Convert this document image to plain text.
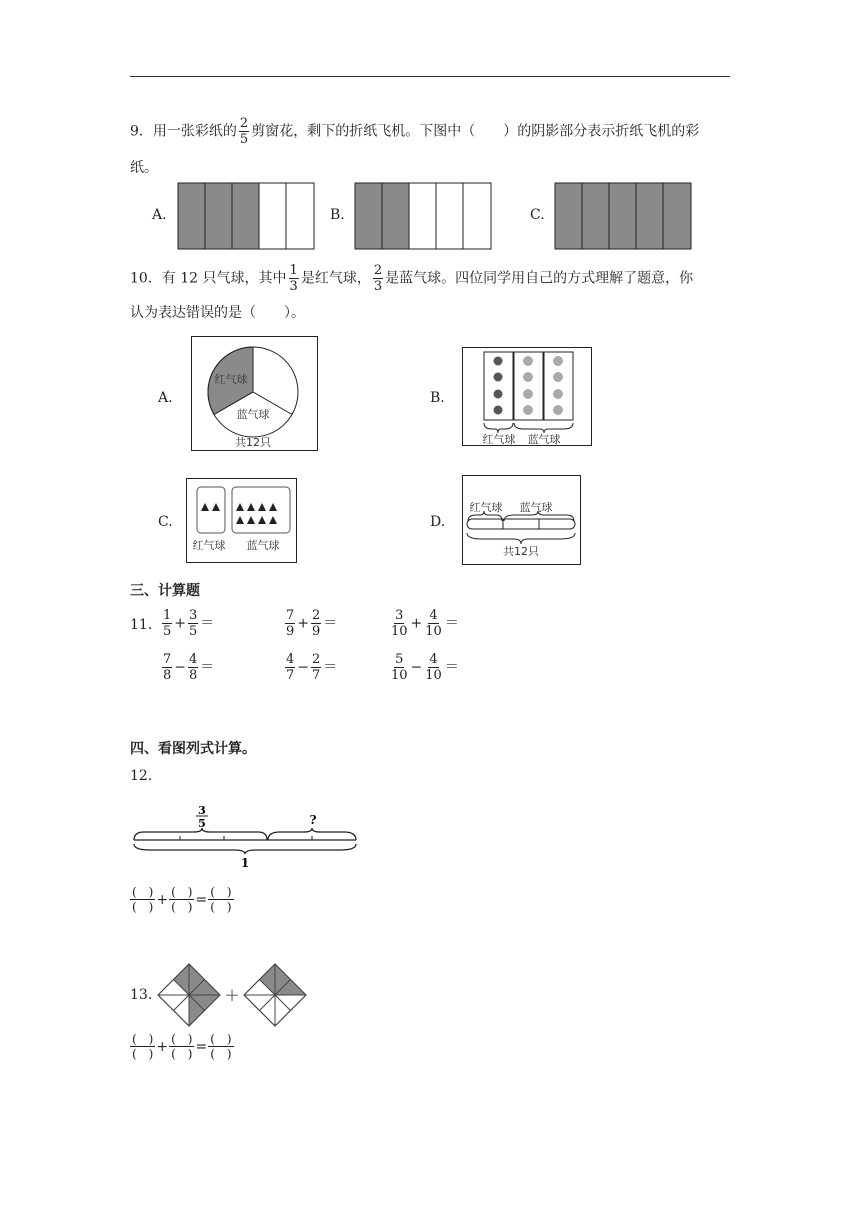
9．用一张彩纸的 $\frac{2}{5}$ 剪窗花，剩下的折纸飞机。下图中（　　）的阴影部分表示折纸飞机的彩
纸。
A.	B.	C.
10．有 12 只气球，其中 $\frac{1}{3}$ 是红气球， $\frac{2}{3}$ 是蓝气球。四位同学用自己的方式理解了题意，你
认为表达错误的是（　　）。
A.
红气球
蓝气球
共12只
B.
红气球 蓝气球
C.
红气球 蓝气球
D.
红气球 蓝气球
共12只
三、计算题
11． $\frac{1}{5} + \frac{3}{5}$ ＝	$\frac{7}{9} + \frac{2}{9}$ ＝	$\frac{3}{10} + \frac{4}{10}$ ＝
$\frac{7}{8} - \frac{4}{8}$ ＝	$\frac{4}{7} - \frac{2}{7}$ ＝	$\frac{5}{10} - \frac{4}{10}$ ＝
四、看图列式计算。
12.
3
5	?
1
$\frac{( )}{( )} + \frac{( )}{( )} = \frac{( )}{( )}$
13.	+
$\frac{( )}{( )} + \frac{( )}{( )} = \frac{( )}{( )}$
